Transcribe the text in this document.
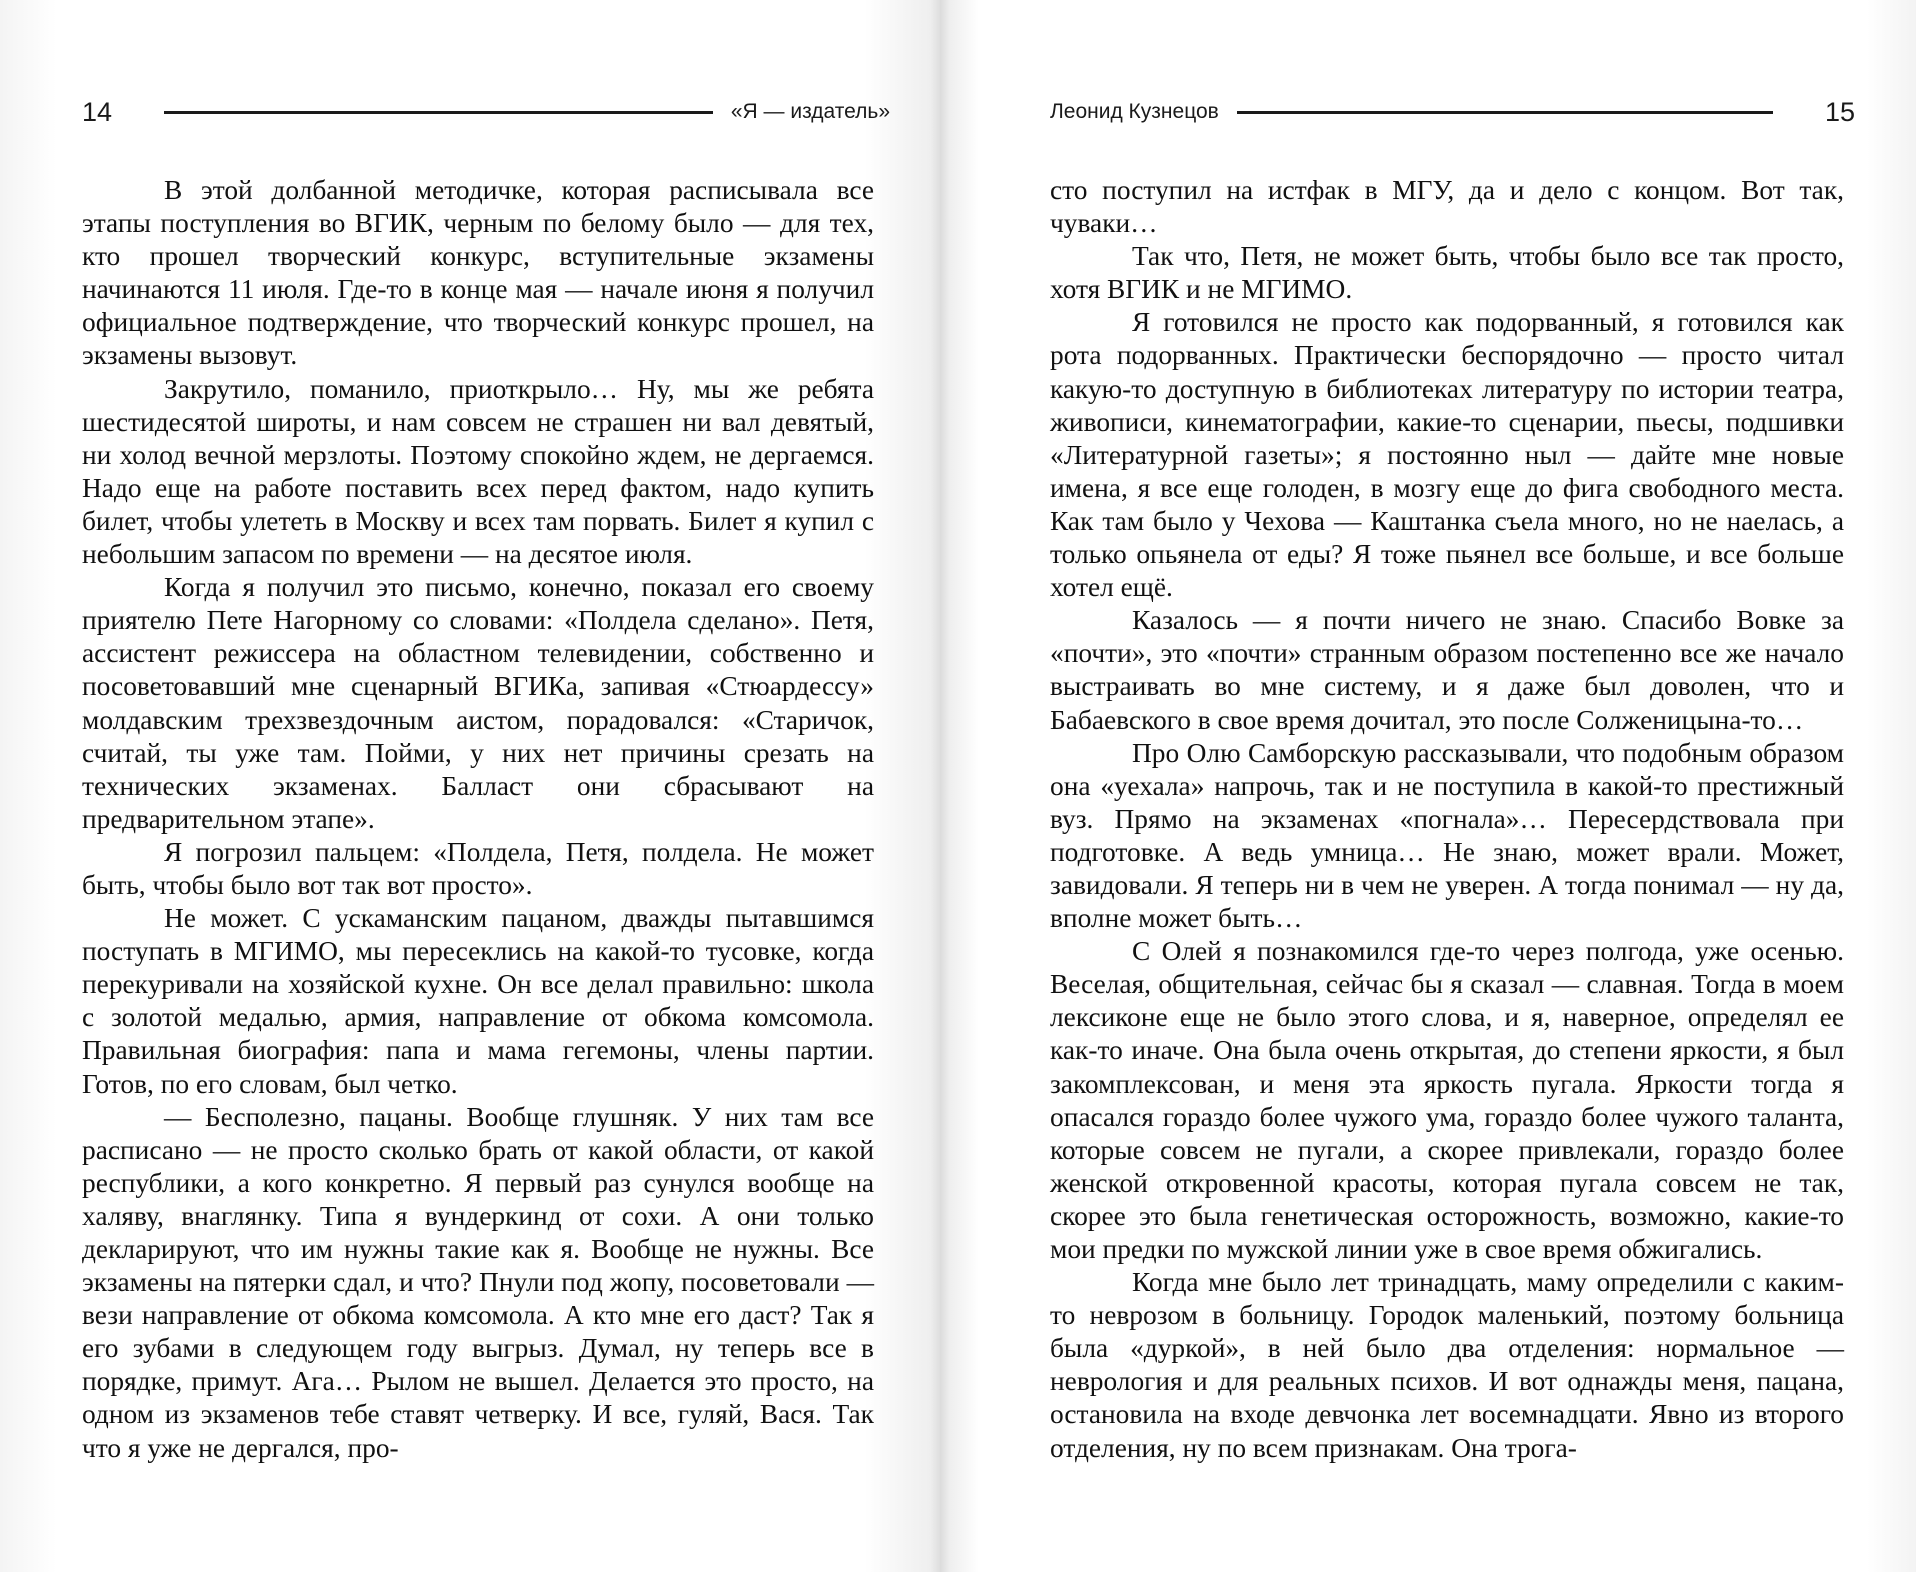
14	«Я — издатель»

В этой долбанной методичке, которая расписывала все этапы поступления во ВГИК, черным по белому было — для тех, кто прошел творческий конкурс, вступительные экзамены начинаются 11 июля. Где-то в конце мая — начале июня я получил официальное подтверждение, что творческий конкурс прошел, на экзамены вызовут.

Закрутило, поманило, приоткрыло… Ну, мы же ребята шестидесятой широты, и нам совсем не страшен ни вал девятый, ни холод вечной мерзлоты. Поэтому спокойно ждем, не дергаемся. Надо еще на работе поставить всех перед фактом, надо купить билет, чтобы улететь в Москву и всех там порвать. Билет я купил с небольшим запасом по времени — на десятое июля.

Когда я получил это письмо, конечно, показал его своему приятелю Пете Нагорному со словами: «Полдела сделано». Петя, ассистент режиссера на областном телевидении, собственно и посоветовавший мне сценарный ВГИКа, запивая «Стюардессу» молдавским трехзвездочным аистом, порадовался: «Старичок, считай, ты уже там. Пойми, у них нет причины срезать на технических экзаменах. Балласт они сбрасывают на предварительном этапе».

Я погрозил пальцем: «Полдела, Петя, полдела. Не может быть, чтобы было вот так вот просто».

Не может. С ускаманским пацаном, дважды пытавшимся поступать в МГИМО, мы пересеклись на какой-то тусовке, когда перекуривали на хозяйской кухне. Он все делал правильно: школа с золотой медалью, армия, направление от обкома комсомола. Правильная биография: папа и мама гегемоны, члены партии. Готов, по его словам, был четко.

— Бесполезно, пацаны. Вообще глушняк. У них там все расписано — не просто сколько брать от какой области, от какой республики, а кого конкретно. Я первый раз сунулся вообще на халяву, внаглянку. Типа я вундеркинд от сохи. А они только декларируют, что им нужны такие как я. Вообще не нужны. Все экзамены на пятерки сдал, и что? Пнули под жопу, посоветовали — вези направление от обкома комсомола. А кто мне его даст? Так я его зубами в следующем году выгрыз. Думал, ну теперь все в порядке, примут. Ага… Рылом не вышел. Делается это просто, на одном из экзаменов тебе ставят четверку. И все, гуляй, Вася. Так что я уже не дергался, про-

Леонид Кузнецов	15

сто поступил на истфак в МГУ, да и дело с концом. Вот так, чуваки…

Так что, Петя, не может быть, чтобы было все так просто, хотя ВГИК и не МГИМО.

Я готовился не просто как подорванный, я готовился как рота подорванных. Практически беспорядочно — просто читал какую-то доступную в библиотеках литературу по истории театра, живописи, кинематографии, какие-то сценарии, пьесы, подшивки «Литературной газеты»; я постоянно ныл — дайте мне новые имена, я все еще голоден, в мозгу еще до фига свободного места. Как там было у Чехова — Каштанка съела много, но не наелась, а только опьянела от еды? Я тоже пьянел все больше, и все больше хотел ещё.

Казалось — я почти ничего не знаю. Спасибо Вовке за «почти», это «почти» странным образом постепенно все же начало выстраивать во мне систему, и я даже был доволен, что и Бабаевского в свое время дочитал, это после Солженицына-то…

Про Олю Самборскую рассказывали, что подобным образом она «уехала» напрочь, так и не поступила в какой-то престижный вуз. Прямо на экзаменах «погнала»… Пересердствовала при подготовке. А ведь умница… Не знаю, может врали. Может, завидовали. Я теперь ни в чем не уверен. А тогда понимал — ну да, вполне может быть…

С Олей я познакомился где-то через полгода, уже осенью. Веселая, общительная, сейчас бы я сказал — славная. Тогда в моем лексиконе еще не было этого слова, и я, наверное, определял ее как-то иначе. Она была очень открытая, до степени яркости, я был закомплексован, и меня эта яркость пугала. Яркости тогда я опасался гораздо более чужого ума, гораздо более чужого таланта, которые совсем не пугали, а скорее привлекали, гораздо более женской откровенной красоты, которая пугала совсем не так, скорее это была генетическая осторожность, возможно, какие-то мои предки по мужской линии уже в свое время обжигались.

Когда мне было лет тринадцать, маму определили с каким-то неврозом в больницу. Городок маленький, поэтому больница была «дуркой», в ней было два отделения: нормальное — неврология и для реальных психов. И вот однажды меня, пацана, остановила на входе девчонка лет восемнадцати. Явно из второго отделения, ну по всем признакам. Она трога-
